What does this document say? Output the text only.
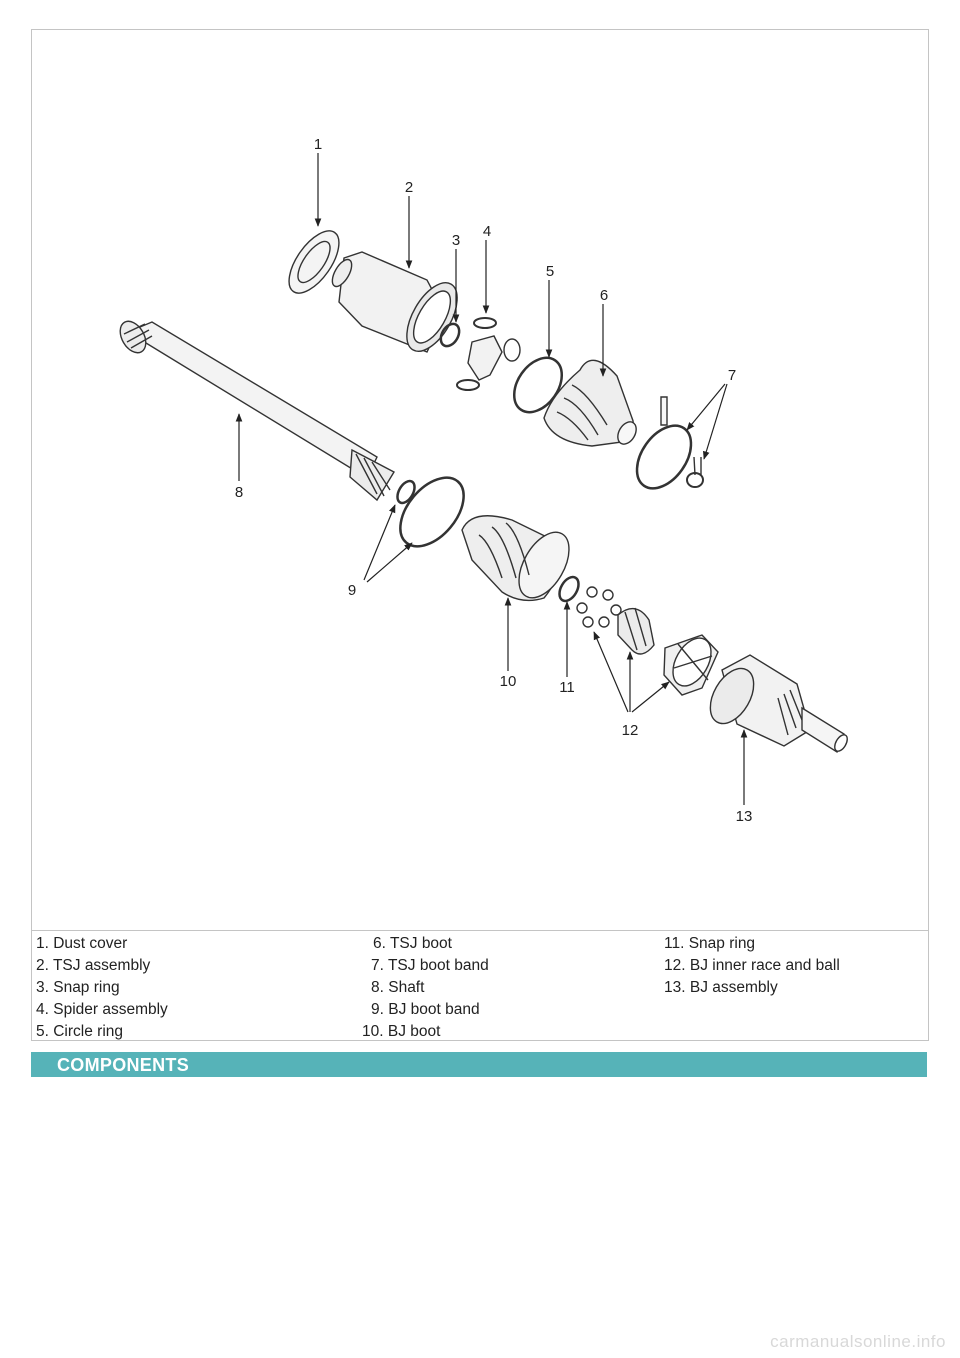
1
2
3
4
5
6
7
8
9
10	11
12
13
1. Dust cover
2. TSJ assembly
3. Snap ring
4. Spider assembly
5. Circle ring
6. TSJ boot
7. TSJ boot band
8. Shaft
9. BJ boot band
10. BJ boot
11. Snap ring
12. BJ inner race and ball
13. BJ assembly
COMPONENTS
carmanualsonline.info
